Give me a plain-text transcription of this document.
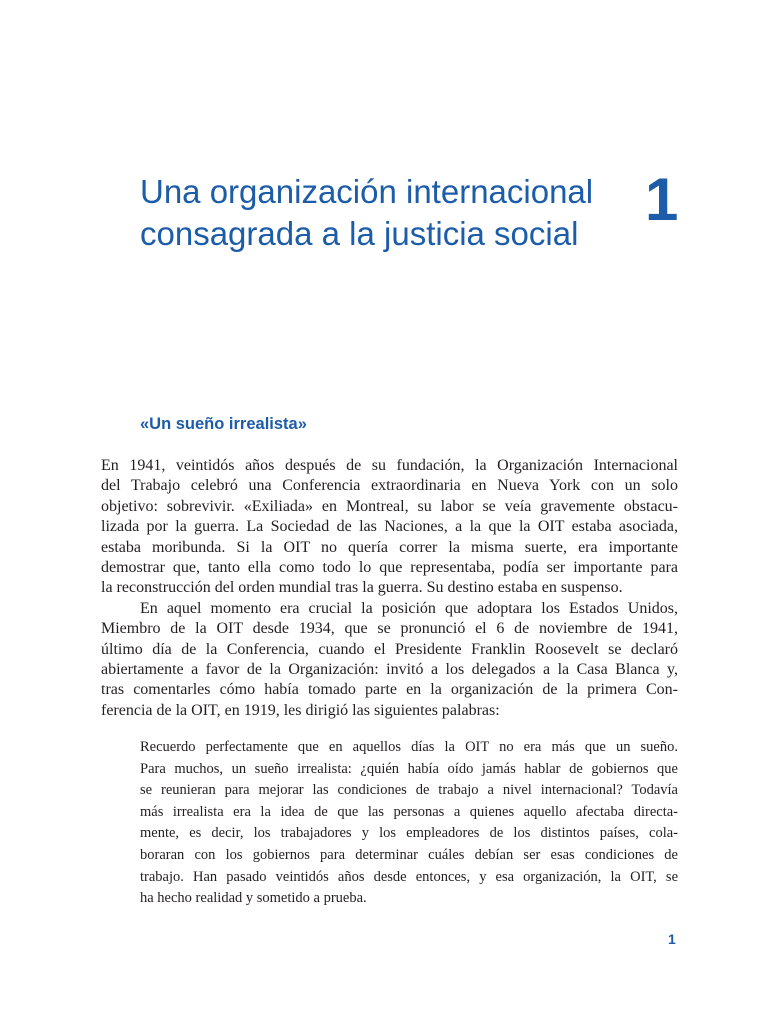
Una organización internacional
consagrada a la justicia social
1
«Un sueño irrealista»
En 1941, veintidós años después de su fundación, la Organización Internacional
del Trabajo celebró una Conferencia extraordinaria en Nueva York con un solo
objetivo: sobrevivir. «Exiliada» en Montreal, su labor se veía gravemente obstacu-
lizada por la guerra. La Sociedad de las Naciones, a la que la OIT estaba asociada,
estaba moribunda. Si la OIT no quería correr la misma suerte, era importante
demostrar que, tanto ella como todo lo que representaba, podía ser importante para
la reconstrucción del orden mundial tras la guerra. Su destino estaba en suspenso.
En aquel momento era crucial la posición que adoptara los Estados Unidos,
Miembro de la OIT desde 1934, que se pronunció el 6 de noviembre de 1941,
último día de la Conferencia, cuando el Presidente Franklin Roosevelt se declaró
abiertamente a favor de la Organización: invitó a los delegados a la Casa Blanca y,
tras comentarles cómo había tomado parte en la organización de la primera Con-
ferencia de la OIT, en 1919, les dirigió las siguientes palabras:
Recuerdo perfectamente que en aquellos días la OIT no era más que un sueño.
Para muchos, un sueño irrealista: ¿quién había oído jamás hablar de gobiernos que
se reunieran para mejorar las condiciones de trabajo a nivel internacional? Todavía
más irrealista era la idea de que las personas a quienes aquello afectaba directa-
mente, es decir, los trabajadores y los empleadores de los distintos países, cola-
boraran con los gobiernos para determinar cuáles debían ser esas condiciones de
trabajo. Han pasado veintidós años desde entonces, y esa organización, la OIT, se
ha hecho realidad y sometido a prueba.
1
